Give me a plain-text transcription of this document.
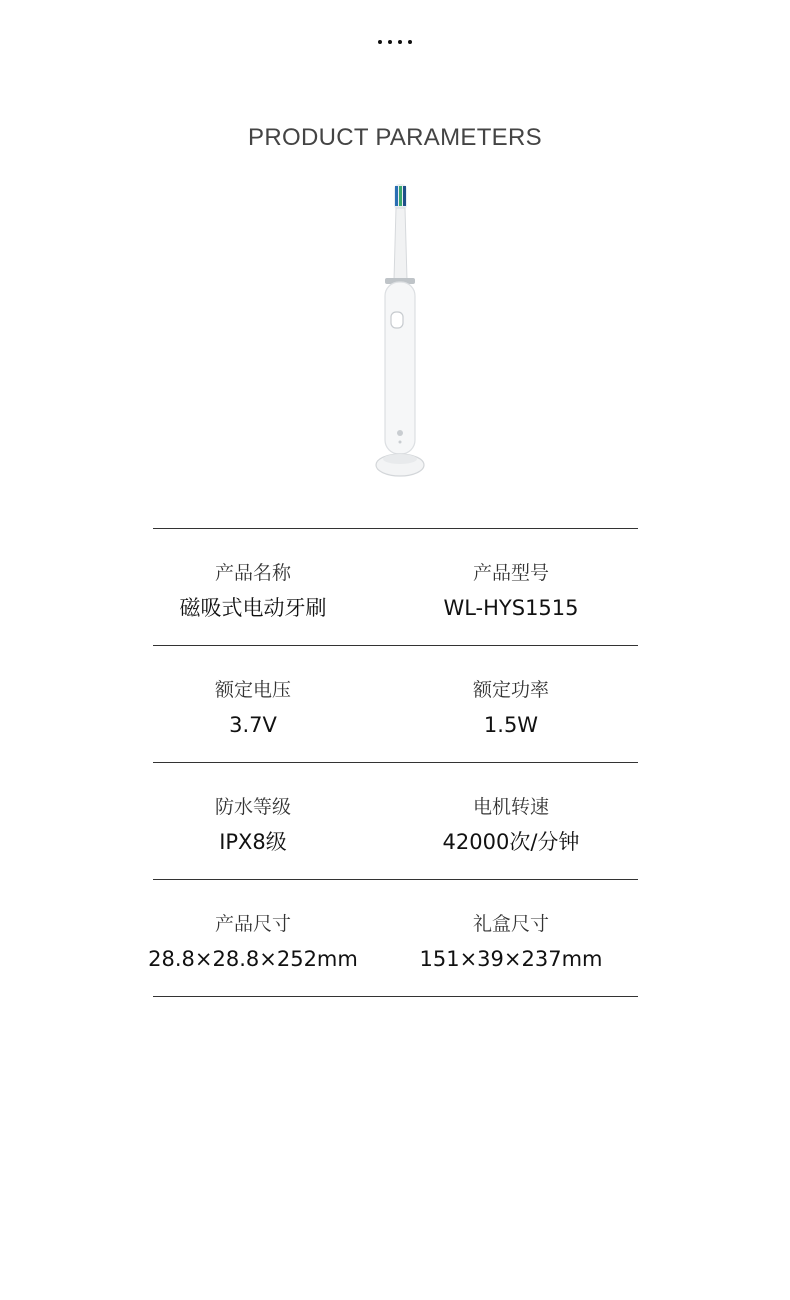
PRODUCT PARAMETERS
产品名称
磁吸式电动牙刷
产品型号
WL-HYS1515
额定电压
3.7V
额定功率
1.5W
防水等级
IPX8级
电机转速
42000次/分钟
产品尺寸
28.8×28.8×252mm
礼盒尺寸
151×39×237mm
